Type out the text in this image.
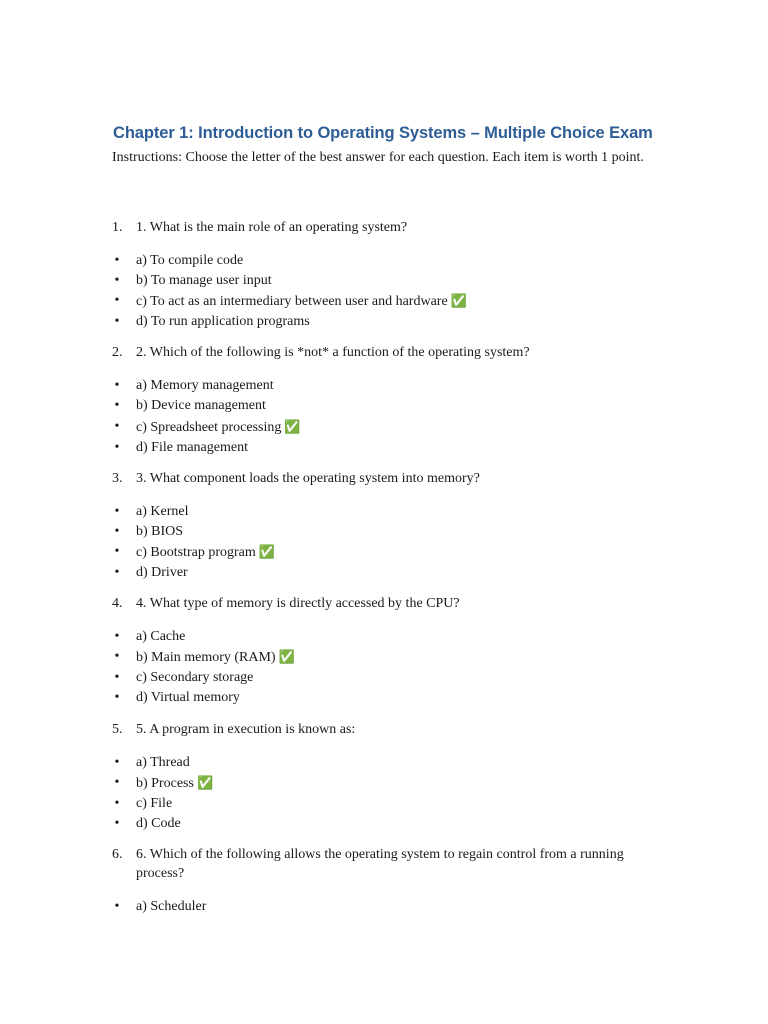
Chapter 1: Introduction to Operating Systems – Multiple Choice Exam
Instructions: Choose the letter of the best answer for each question. Each item is worth 1 point.
1. 1. What is the main role of an operating system?
• a) To compile code
• b) To manage user input
• c) To act as an intermediary between user and hardware ✅
• d) To run application programs
2. 2. Which of the following is *not* a function of the operating system?
• a) Memory management
• b) Device management
• c) Spreadsheet processing ✅
• d) File management
3. 3. What component loads the operating system into memory?
• a) Kernel
• b) BIOS
• c) Bootstrap program ✅
• d) Driver
4. 4. What type of memory is directly accessed by the CPU?
• a) Cache
• b) Main memory (RAM) ✅
• c) Secondary storage
• d) Virtual memory
5. 5. A program in execution is known as:
• a) Thread
• b) Process ✅
• c) File
• d) Code
6. 6. Which of the following allows the operating system to regain control from a running process?
• a) Scheduler
